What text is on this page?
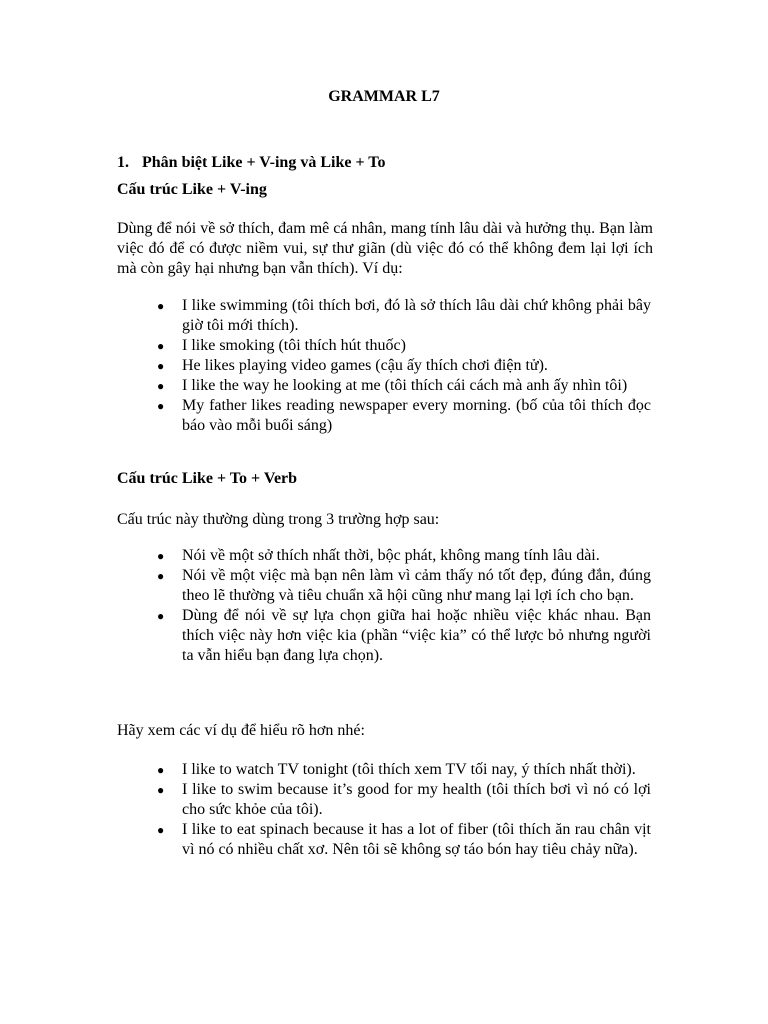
GRAMMAR L7
1. Phân biệt Like + V-ing và Like + To
Cấu trúc Like + V-ing

Dùng để nói về sở thích, đam mê cá nhân, mang tính lâu dài và hưởng thụ. Bạn làm việc đó để có được niềm vui, sự thư giãn (dù việc đó có thể không đem lại lợi ích mà còn gây hại nhưng bạn vẫn thích). Ví dụ:

● I like swimming (tôi thích bơi, đó là sở thích lâu dài chứ không phải bây giờ tôi mới thích).
● I like smoking (tôi thích hút thuốc)
● He likes playing video games (cậu ấy thích chơi điện tử).
● I like the way he looking at me (tôi thích cái cách mà anh ấy nhìn tôi)
● My father likes reading newspaper every morning. (bố của tôi thích đọc báo vào mỗi buổi sáng)
Cấu trúc Like + To + Verb

Cấu trúc này thường dùng trong 3 trường hợp sau:

● Nói về một sở thích nhất thời, bộc phát, không mang tính lâu dài.
● Nói về một việc mà bạn nên làm vì cảm thấy nó tốt đẹp, đúng đắn, đúng theo lẽ thường và tiêu chuẩn xã hội cũng như mang lại lợi ích cho bạn.
● Dùng để nói về sự lựa chọn giữa hai hoặc nhiều việc khác nhau. Bạn thích việc này hơn việc kia (phần “việc kia” có thể lược bỏ nhưng người ta vẫn hiểu bạn đang lựa chọn).

Hãy xem các ví dụ để hiểu rõ hơn nhé:

● I like to watch TV tonight (tôi thích xem TV tối nay, ý thích nhất thời).
● I like to swim because it’s good for my health (tôi thích bơi vì nó có lợi cho sức khỏe của tôi).
● I like to eat spinach because it has a lot of fiber (tôi thích ăn rau chân vịt vì nó có nhiều chất xơ. Nên tôi sẽ không sợ táo bón hay tiêu chảy nữa).
